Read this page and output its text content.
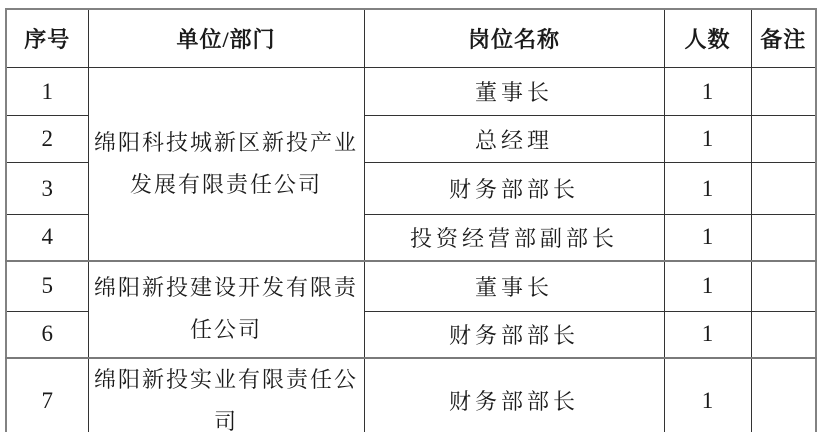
序号	单位/部门	岗位名称	人数	备注
1	绵阳科技城新区新投产业发展有限责任公司	董事长	1	
2		总经理	1	
3		财务部部长	1	
4		投资经营部副部长	1	
5	绵阳新投建设开发有限责任公司	董事长	1	
6		财务部部长	1	
7	绵阳新投实业有限责任公司	财务部部长	1	
